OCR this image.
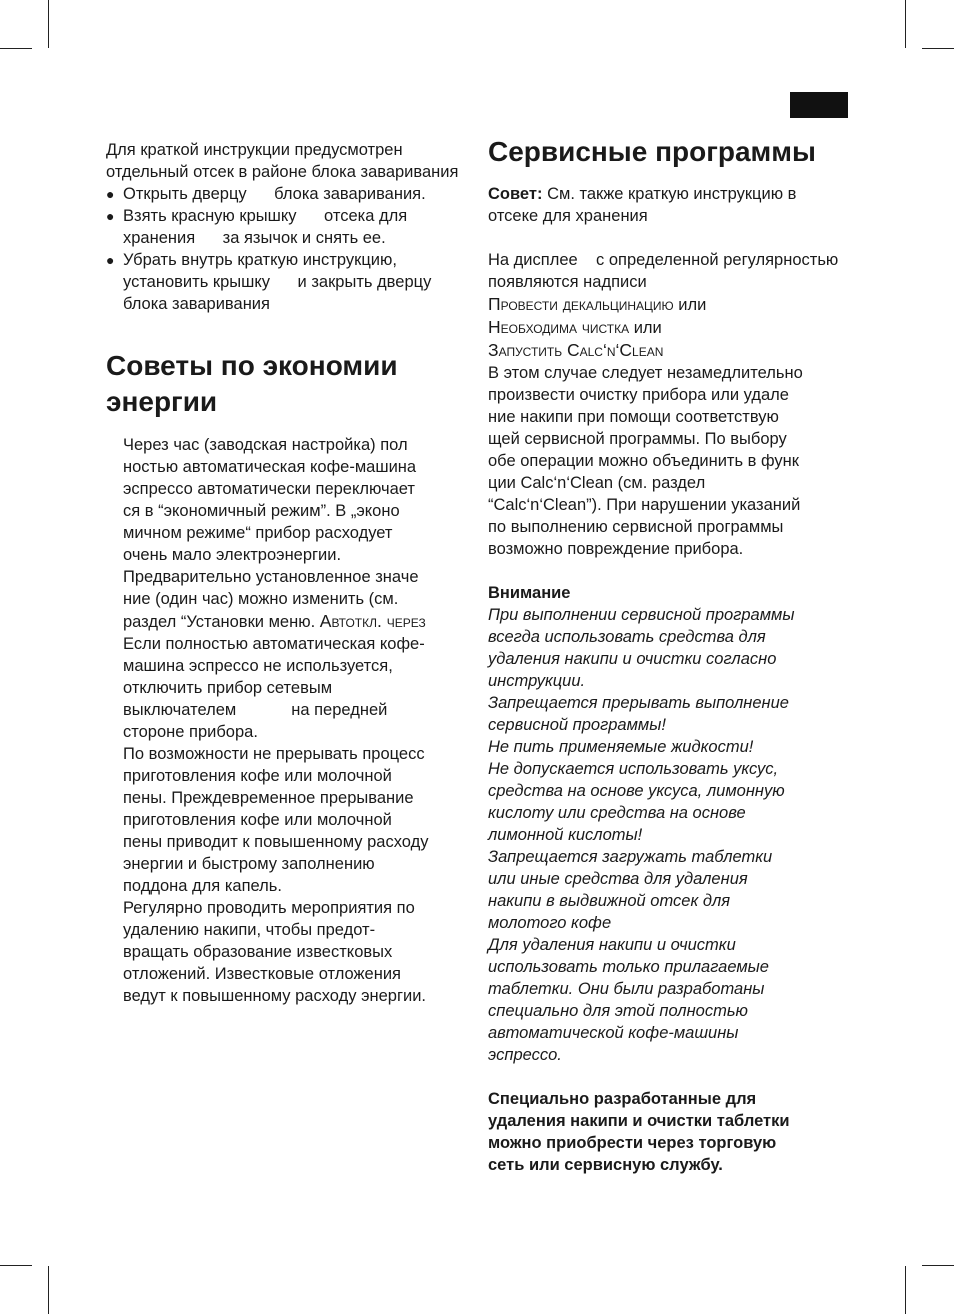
Для краткой инструкции предусмотрен отдельный отсек в районе блока заваривания

● Открыть дверцу      блока заваривания.
● Взять красную крышку      отсека для хранения      за язычок и снять ее.
● Убрать внутрь краткую инструкцию, установить крышку      и закрыть дверцу блока заваривания
Советы по экономии энергии
Через час (заводская настройка) пол
ностью автоматическая кофе-машина
эспрессо автоматически переключает
ся в “экономичный режим”. В „эконо
мичном режиме“ прибор расходует
очень мало электроэнергии.
Предварительно установленное значе
ние (один час) можно изменить (см.
раздел “Установки меню. Автоткл. через
Если полностью автоматическая кофе-
машина эспрессо не используется,
отключить прибор сетевым
выключателем            на передней
стороне прибора.
По возможности не прерывать процесс
приготовления кофе или молочной
пены. Преждевременное прерывание
приготовления кофе или молочной
пены приводит к повышенному расходу
энергии и быстрому заполнению
поддона для капель.
Регулярно проводить мероприятия по
удалению накипи, чтобы предот-
вращать образование известковых
отложений. Известковые отложения
ведут к повышенному расходу энергии.
Сервисные программы

Совет: См. также краткую инструкцию в отсеке для хранения

На дисплее    с определенной регулярностью появляются надписи

Провести декальцинацию или
Необходима чистка или
Запустить Calc‘n‘Clean
В этом случае следует незамедлительно
произвести очистку прибора или удале
ние накипи при помощи соответствую
щей сервисной программы. По выбору
обе операции можно объединить в функ
ции Calc‘n‘Clean (см. раздел
“Calc‘n‘Clean”). При нарушении указаний
по выполнению сервисной программы
возможно повреждение прибора.
Внимание
При выполнении сервисной программы
всегда использовать средства для
удаления накипи и очистки согласно
инструкции.
Запрещается прерывать выполнение
сервисной программы!
Не пить применяемые жидкости!
Не допускается использовать уксус,
средства на основе уксуса, лимонную
кислоту или средства на основе
лимонной кислоты!
Запрещается загружать таблетки
или иные средства для удаления
накипи в выдвижной отсек для
молотого кофе
Для удаления накипи и очистки
использовать только прилагаемые
таблетки. Они были разработаны
специально для этой полностью
автоматической кофе-машины
эспрессо.
Специально разработанные для
удаления накипи и очистки таблетки
можно приобрести через торговую
сеть или сервисную службу.
